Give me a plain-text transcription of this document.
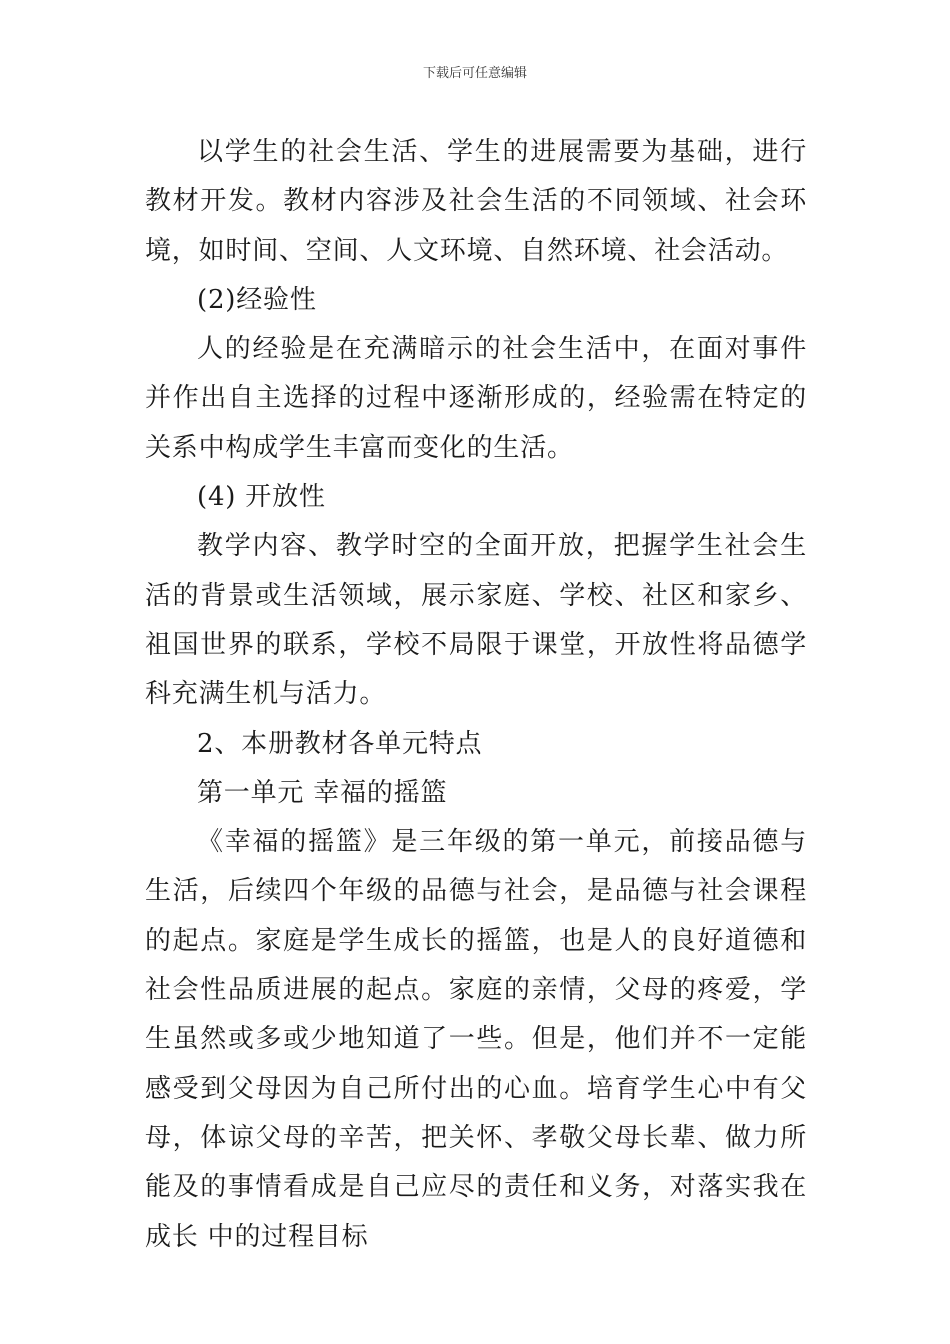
下载后可任意编辑

以学生的社会生活、学生的进展需要为基础，进行教材开发。教材内容涉及社会生活的不同领域、社会环境，如时间、空间、人文环境、自然环境、社会活动。

(2)经验性

人的经验是在充满暗示的社会生活中，在面对事件并作出自主选择的过程中逐渐形成的，经验需在特定的关系中构成学生丰富而变化的生活。

(4) 开放性

教学内容、教学时空的全面开放，把握学生社会生活的背景或生活领域，展示家庭、学校、社区和家乡、祖国世界的联系，学校不局限于课堂，开放性将品德学科充满生机与活力。

2、本册教材各单元特点

第一单元 幸福的摇篮

《幸福的摇篮》是三年级的第一单元，前接品德与生活，后续四个年级的品德与社会，是品德与社会课程的起点。家庭是学生成长的摇篮，也是人的良好道德和社会性品质进展的起点。家庭的亲情，父母的疼爱，学生虽然或多或少地知道了一些。但是，他们并不一定能感受到父母因为自己所付出的心血。培育学生心中有父母，体谅父母的辛苦，把关怀、孝敬父母长辈、做力所能及的事情看成是自己应尽的责任和义务，对落实我在成长 中的过程目标
